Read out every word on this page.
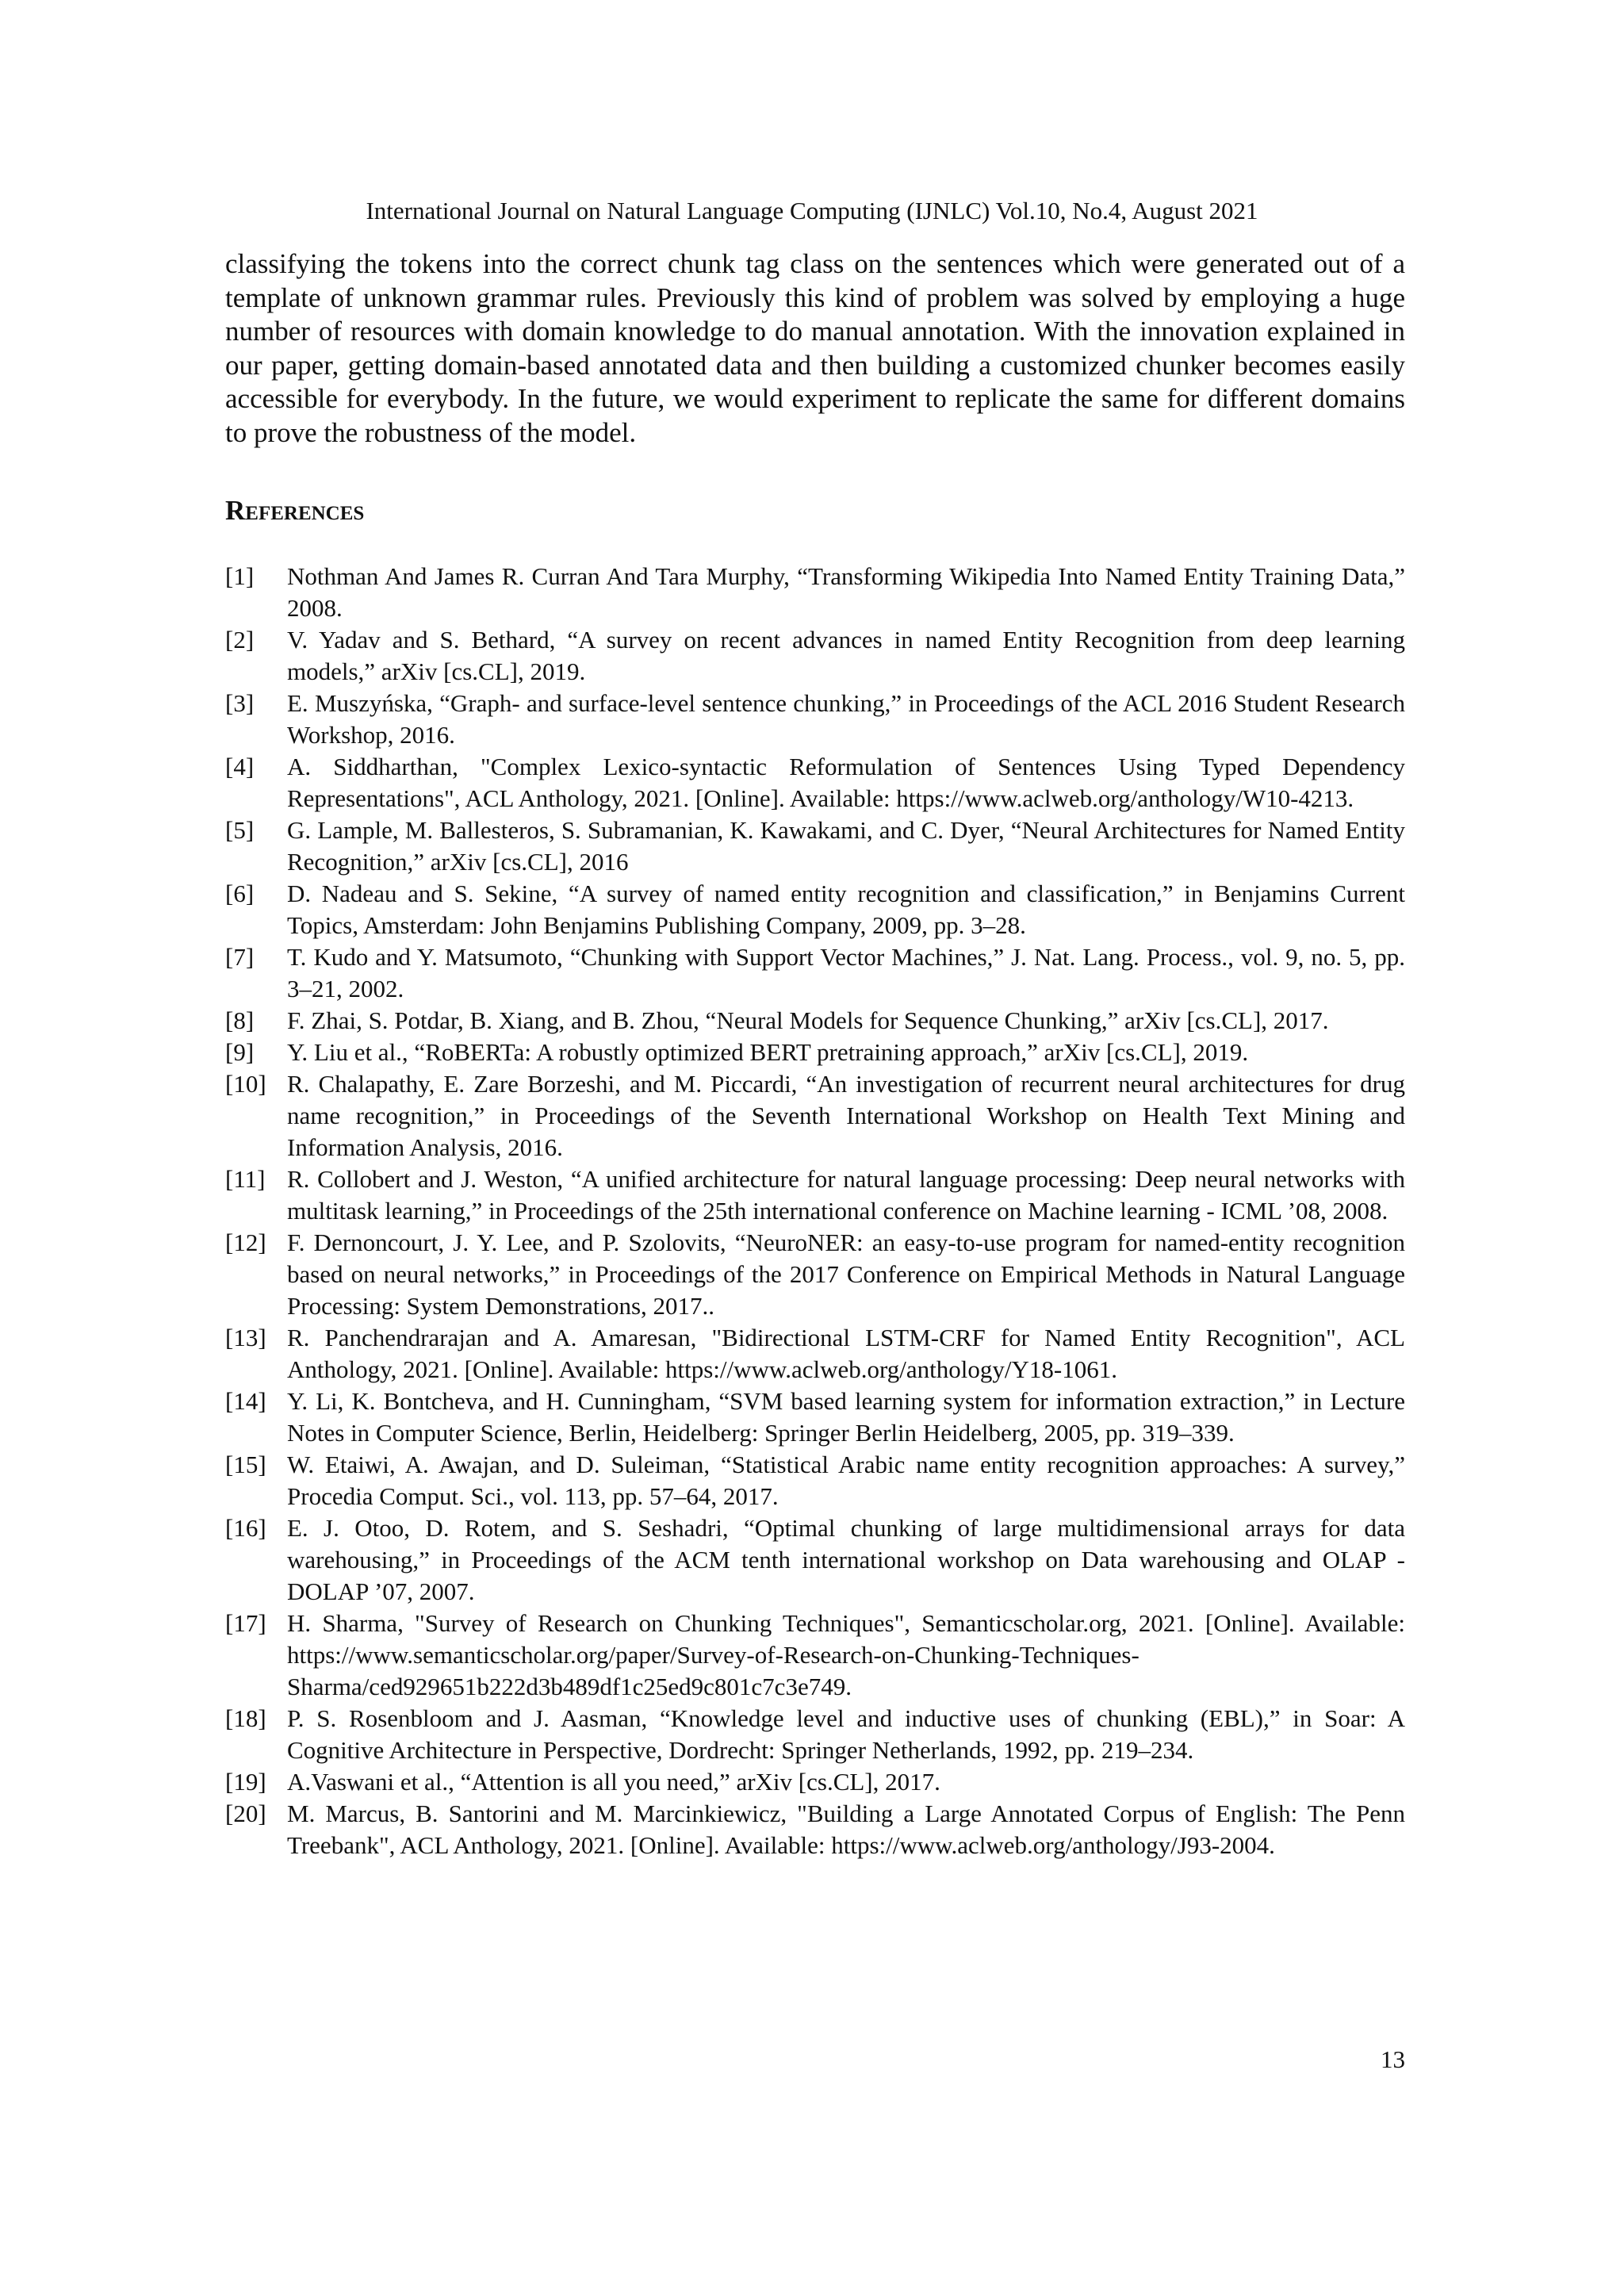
International Journal on Natural Language Computing (IJNLC) Vol.10, No.4, August 2021

classifying the tokens into the correct chunk tag class on the sentences which were generated out of a template of unknown grammar rules. Previously this kind of problem was solved by employing a huge number of resources with domain knowledge to do manual annotation. With the innovation explained in our paper, getting domain-based annotated data and then building a customized chunker becomes easily accessible for everybody. In the future, we would experiment to replicate the same for different domains to prove the robustness of the model.

References
[1]	Nothman And James R. Curran And Tara Murphy, “Transforming Wikipedia Into Named Entity Training Data,” 2008.
[2]	V. Yadav and S. Bethard, “A survey on recent advances in named Entity Recognition from deep learning models,” arXiv [cs.CL], 2019.
[3]	E. Muszyńska, “Graph- and surface-level sentence chunking,” in Proceedings of the ACL 2016 Student Research Workshop, 2016.
[4]	A. Siddharthan, "Complex Lexico-syntactic Reformulation of Sentences Using Typed Dependency Representations", ACL Anthology, 2021. [Online]. Available: https://www.aclweb.org/anthology/W10-4213.
[5]	G. Lample, M. Ballesteros, S. Subramanian, K. Kawakami, and C. Dyer, “Neural Architectures for Named Entity Recognition,” arXiv [cs.CL], 2016
[6]	D. Nadeau and S. Sekine, “A survey of named entity recognition and classification,” in Benjamins Current Topics, Amsterdam: John Benjamins Publishing Company, 2009, pp. 3–28.
[7]	T. Kudo and Y. Matsumoto, “Chunking with Support Vector Machines,” J. Nat. Lang. Process., vol. 9, no. 5, pp. 3–21, 2002.
[8]	F. Zhai, S. Potdar, B. Xiang, and B. Zhou, “Neural Models for Sequence Chunking,” arXiv [cs.CL], 2017.
[9]	Y. Liu et al., “RoBERTa: A robustly optimized BERT pretraining approach,” arXiv [cs.CL], 2019.
[10] R. Chalapathy, E. Zare Borzeshi, and M. Piccardi, “An investigation of recurrent neural architectures for drug name recognition,” in Proceedings of the Seventh International Workshop on Health Text Mining and Information Analysis, 2016.
[11] R. Collobert and J. Weston, “A unified architecture for natural language processing: Deep neural networks with multitask learning,” in Proceedings of the 25th international conference on Machine learning - ICML ’08, 2008.
[12] F. Dernoncourt, J. Y. Lee, and P. Szolovits, “NeuroNER: an easy-to-use program for named-entity recognition based on neural networks,” in Proceedings of the 2017 Conference on Empirical Methods in Natural Language Processing: System Demonstrations, 2017..
[13] R. Panchendrarajan and A. Amaresan, "Bidirectional LSTM-CRF for Named Entity Recognition", ACL Anthology, 2021. [Online]. Available: https://www.aclweb.org/anthology/Y18-1061.
[14] Y. Li, K. Bontcheva, and H. Cunningham, “SVM based learning system for information extraction,” in Lecture Notes in Computer Science, Berlin, Heidelberg: Springer Berlin Heidelberg, 2005, pp. 319–339.
[15] W. Etaiwi, A. Awajan, and D. Suleiman, “Statistical Arabic name entity recognition approaches: A survey,” Procedia Comput. Sci., vol. 113, pp. 57–64, 2017.
[16] E. J. Otoo, D. Rotem, and S. Seshadri, “Optimal chunking of large multidimensional arrays for data warehousing,” in Proceedings of the ACM tenth international workshop on Data warehousing and OLAP - DOLAP ’07, 2007.
[17] H. Sharma, "Survey of Research on Chunking Techniques", Semanticscholar.org, 2021. [Online]. Available: https://www.semanticscholar.org/paper/Survey-of-Research-on-Chunking-Techniques-Sharma/ced929651b222d3b489df1c25ed9c801c7c3e749.
[18] P. S. Rosenbloom and J. Aasman, “Knowledge level and inductive uses of chunking (EBL),” in Soar: A Cognitive Architecture in Perspective, Dordrecht: Springer Netherlands, 1992, pp. 219–234.
[19] A.Vaswani et al., “Attention is all you need,” arXiv [cs.CL], 2017.
[20] M. Marcus, B. Santorini and M. Marcinkiewicz, "Building a Large Annotated Corpus of English: The Penn Treebank", ACL Anthology, 2021. [Online]. Available: https://www.aclweb.org/anthology/J93-2004.
13
